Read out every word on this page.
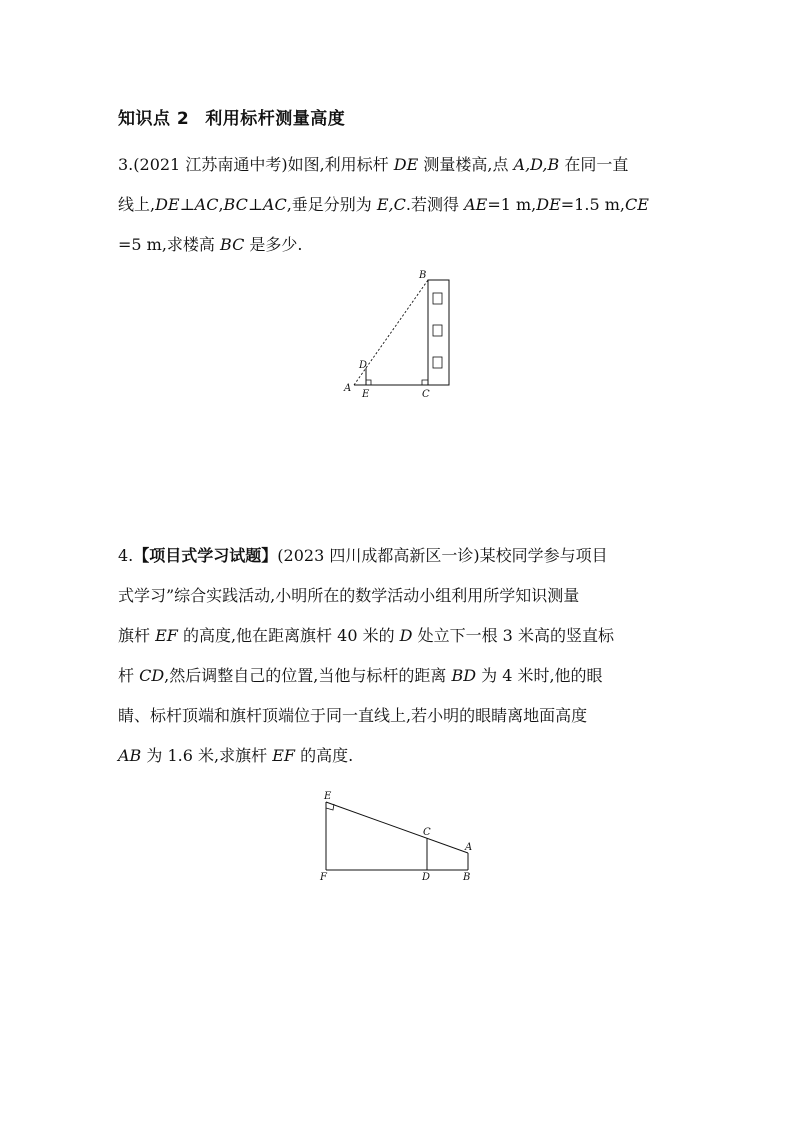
知识点 2 利用标杆测量高度
3.(2021 江苏南通中考)如图,利用标杆 DE 测量楼高,点 A,D,B 在同一直
线上,DE⊥AC,BC⊥AC,垂足分别为 E,C.若测得 AE=1 m,DE=1.5 m,CE
=5 m,求楼高 BC 是多少.
B
D
A
E	C
4.【项目式学习试题】(2023 四川成都高新区一诊)某校同学参与项目
式学习”综合实践活动,小明所在的数学活动小组利用所学知识测量
旗杆 EF 的高度,他在距离旗杆 40 米的 D 处立下一根 3 米高的竖直标
杆 CD,然后调整自己的位置,当他与标杆的距离 BD 为 4 米时,他的眼
睛、标杆顶端和旗杆顶端位于同一直线上,若小明的眼睛离地面高度
AB 为 1.6 米,求旗杆 EF 的高度.
E
C
A
F	D	B
